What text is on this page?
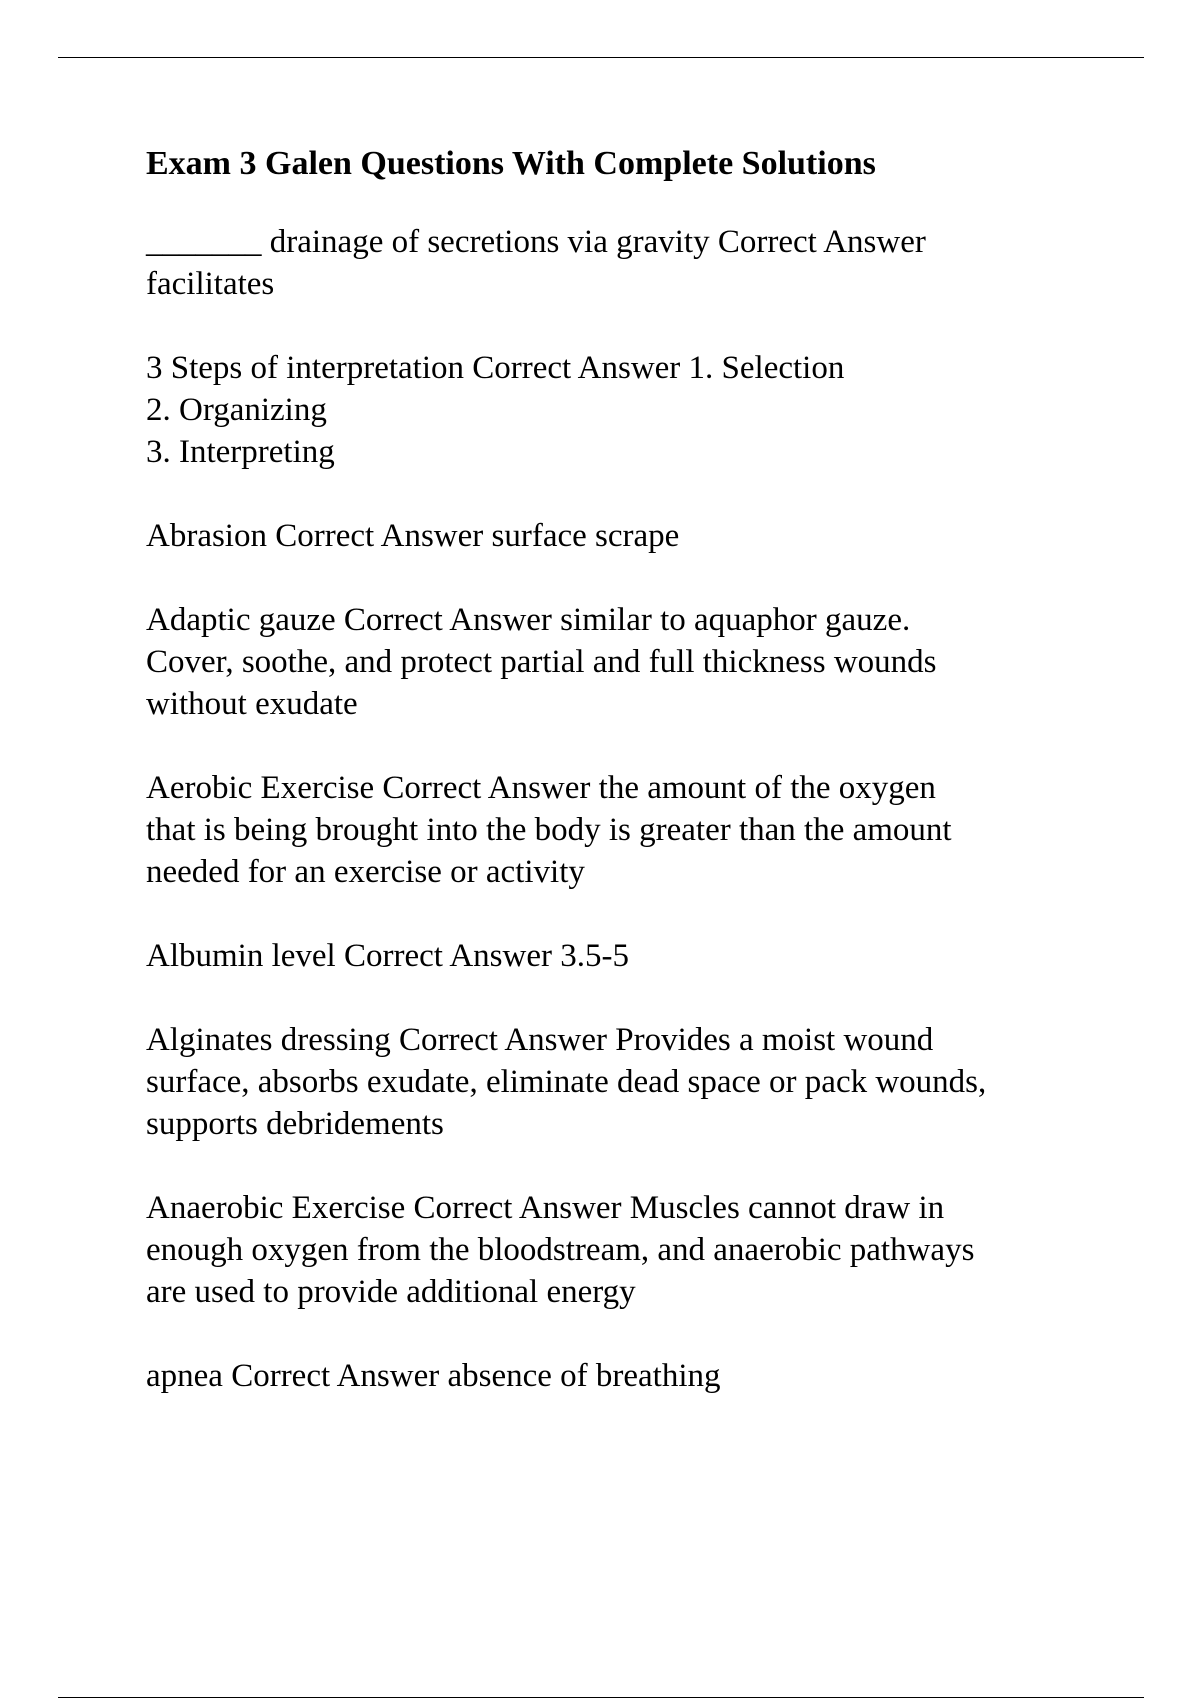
Exam 3 Galen Questions With Complete Solutions
_______ drainage of secretions via gravity Correct Answer
facilitates
3 Steps of interpretation Correct Answer 1. Selection
2. Organizing
3. Interpreting
Abrasion Correct Answer surface scrape
Adaptic gauze Correct Answer similar to aquaphor gauze.
Cover, soothe, and protect partial and full thickness wounds
without exudate
Aerobic Exercise Correct Answer the amount of the oxygen
that is being brought into the body is greater than the amount
needed for an exercise or activity
Albumin level Correct Answer 3.5-5
Alginates dressing Correct Answer Provides a moist wound
surface, absorbs exudate, eliminate dead space or pack wounds,
supports debridements
Anaerobic Exercise Correct Answer Muscles cannot draw in
enough oxygen from the bloodstream, and anaerobic pathways
are used to provide additional energy
apnea Correct Answer absence of breathing
